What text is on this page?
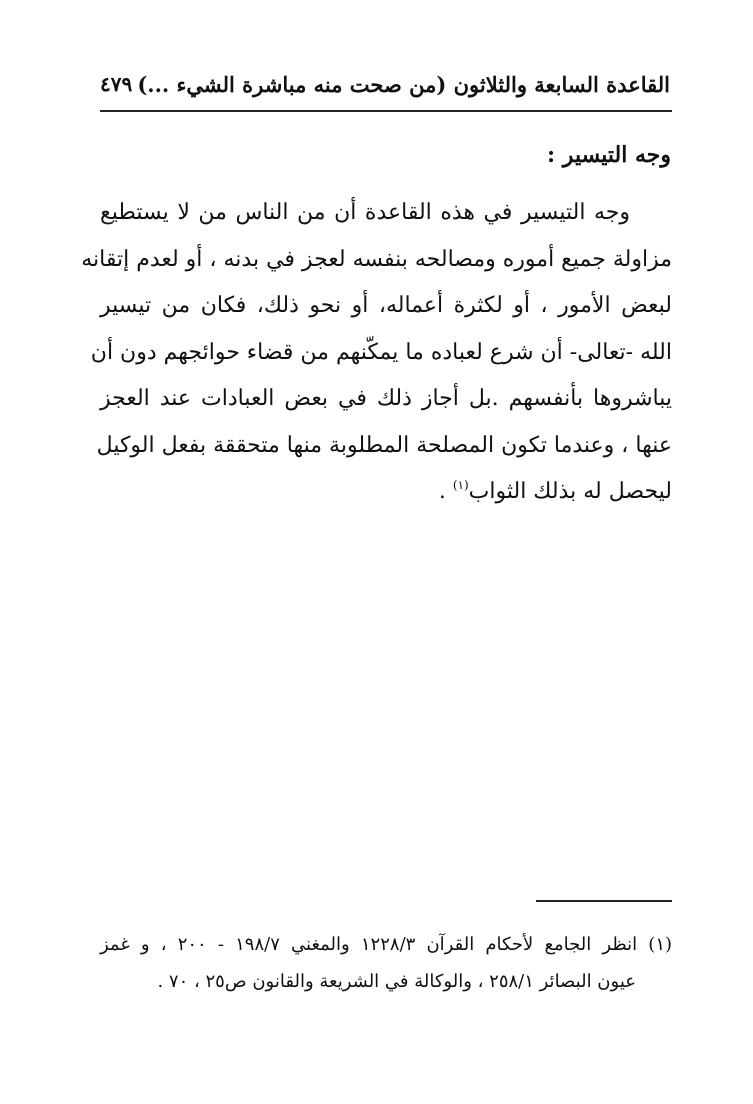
القاعدة السابعة والثلاثون (من صحت منه مباشرة الشيء ...)
٤٧٩
وجه التيسير :
وجه التيسير في هذه القاعدة أن من الناس من لا يستطيع
مزاولة جميع أموره ومصالحه بنفسه لعجز في بدنه ، أو لعدم إتقانه
لبعض الأمور ، أو لكثرة أعماله، أو نحو ذلك، فكان من تيسير
الله -تعالى- أن شرع لعباده ما يمكّنهم من قضاء حوائجهم دون أن
يباشروها بأنفسهم .بل أجاز ذلك في بعض العبادات عند العجز
عنها ، وعندما تكون المصلحة المطلوبة منها متحققة بفعل الوكيل
ليحصل له بذلك الثواب$^{(١)}$ .
(١) انظر الجامع لأحكام القرآن ١٢٢٨/٣ والمغني ١٩٨/٧ - ٢٠٠ ، و غمز
عيون البصائر ٢٥٨/١ ، والوكالة في الشريعة والقانون ص٢٥ ، ٧٠ .
